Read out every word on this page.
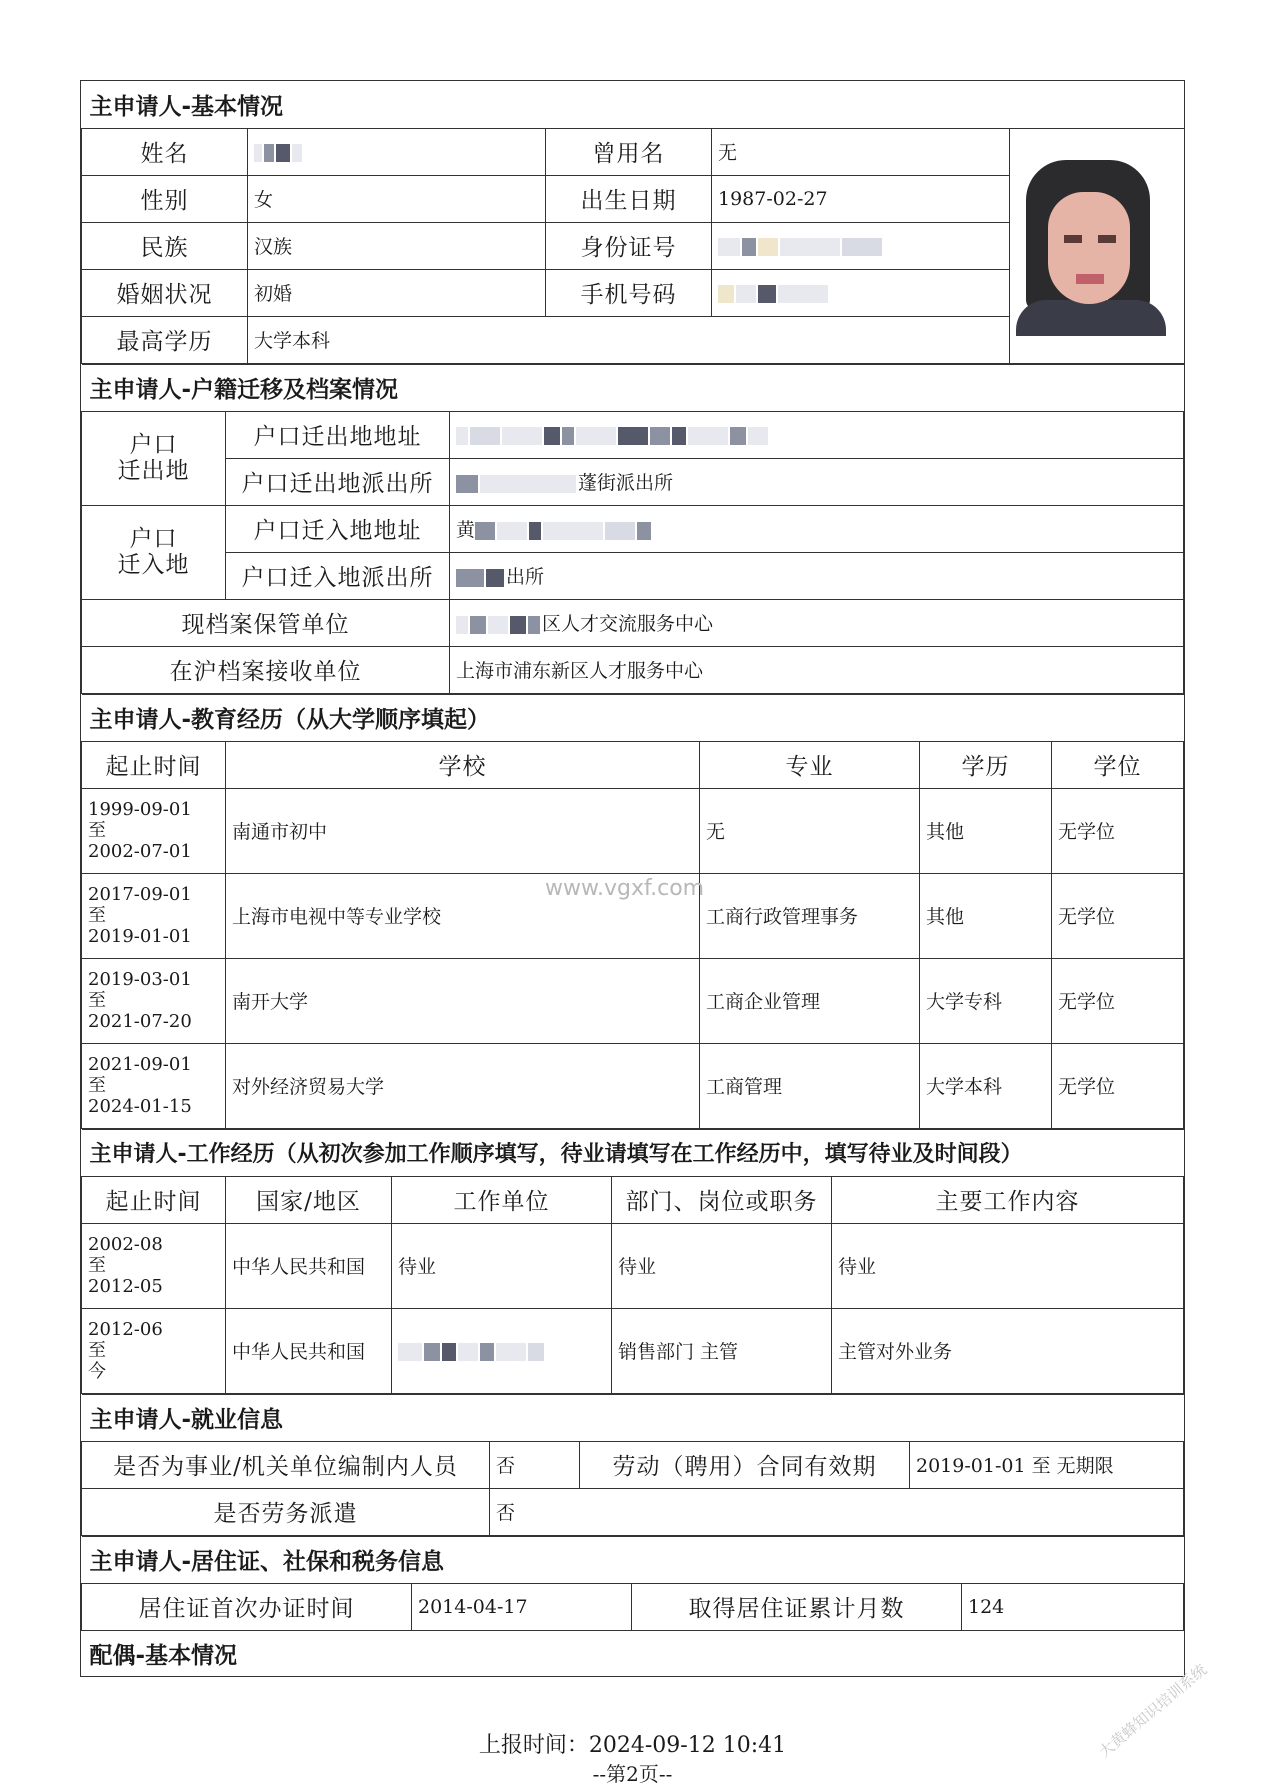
主申请人-基本情况				
姓名		曾用名	无	
性别	女	出生日期	1987-02-27	
民族	汉族	身份证号		
婚姻状况	初婚	手机号码		
最高学历	大学本科			
主申请人-户籍迁移及档案情况		
户口
迁出地	户口迁出地地址	
	户口迁出地派出所	蓬街派出所
户口
迁入地	户口迁入地地址	黄
	户口迁入地派出所	出所
现档案保管单位		区人才交流服务中心
在沪档案接收单位		上海市浦东新区人才服务中心
主申请人-教育经历（从大学顺序填起）				
起止时间	学校	专业	学历	学位

1999-09-01
至
2002-07-01	南通市初中	无	其他	无学位

2017-09-01
至
2019-01-01	上海市电视中等专业学校	工商行政管理事务	其他	无学位

2019-03-01
至
2021-07-20	南开大学	工商企业管理	大学专科	无学位

2021-09-01
至
2024-01-15	对外经济贸易大学	工商管理	大学本科	无学位
主申请人-工作经历（从初次参加工作顺序填写，待业请填写在工作经历中，填写待业及时间段）				
起止时间	国家/地区	工作单位	部门、岗位或职务	主要工作内容

2002-08
至
2012-05	中华人民共和国	待业	待业	待业

2012-06
至
今	中华人民共和国		销售部门 主管	主管对外业务
主申请人-就业信息			
是否为事业/机关单位编制内人员	否	劳动（聘用）合同有效期	2019-01-01 至 无期限
是否劳务派遣	否		
主申请人-居住证、社保和税务信息
居住证首次办证时间	2014-04-17	取得居住证累计月数	124
配偶-基本情况
www.vgxf.com
大黄蜂知识培训系统
上报时间：2024-09-12 10:41
--第2页--
